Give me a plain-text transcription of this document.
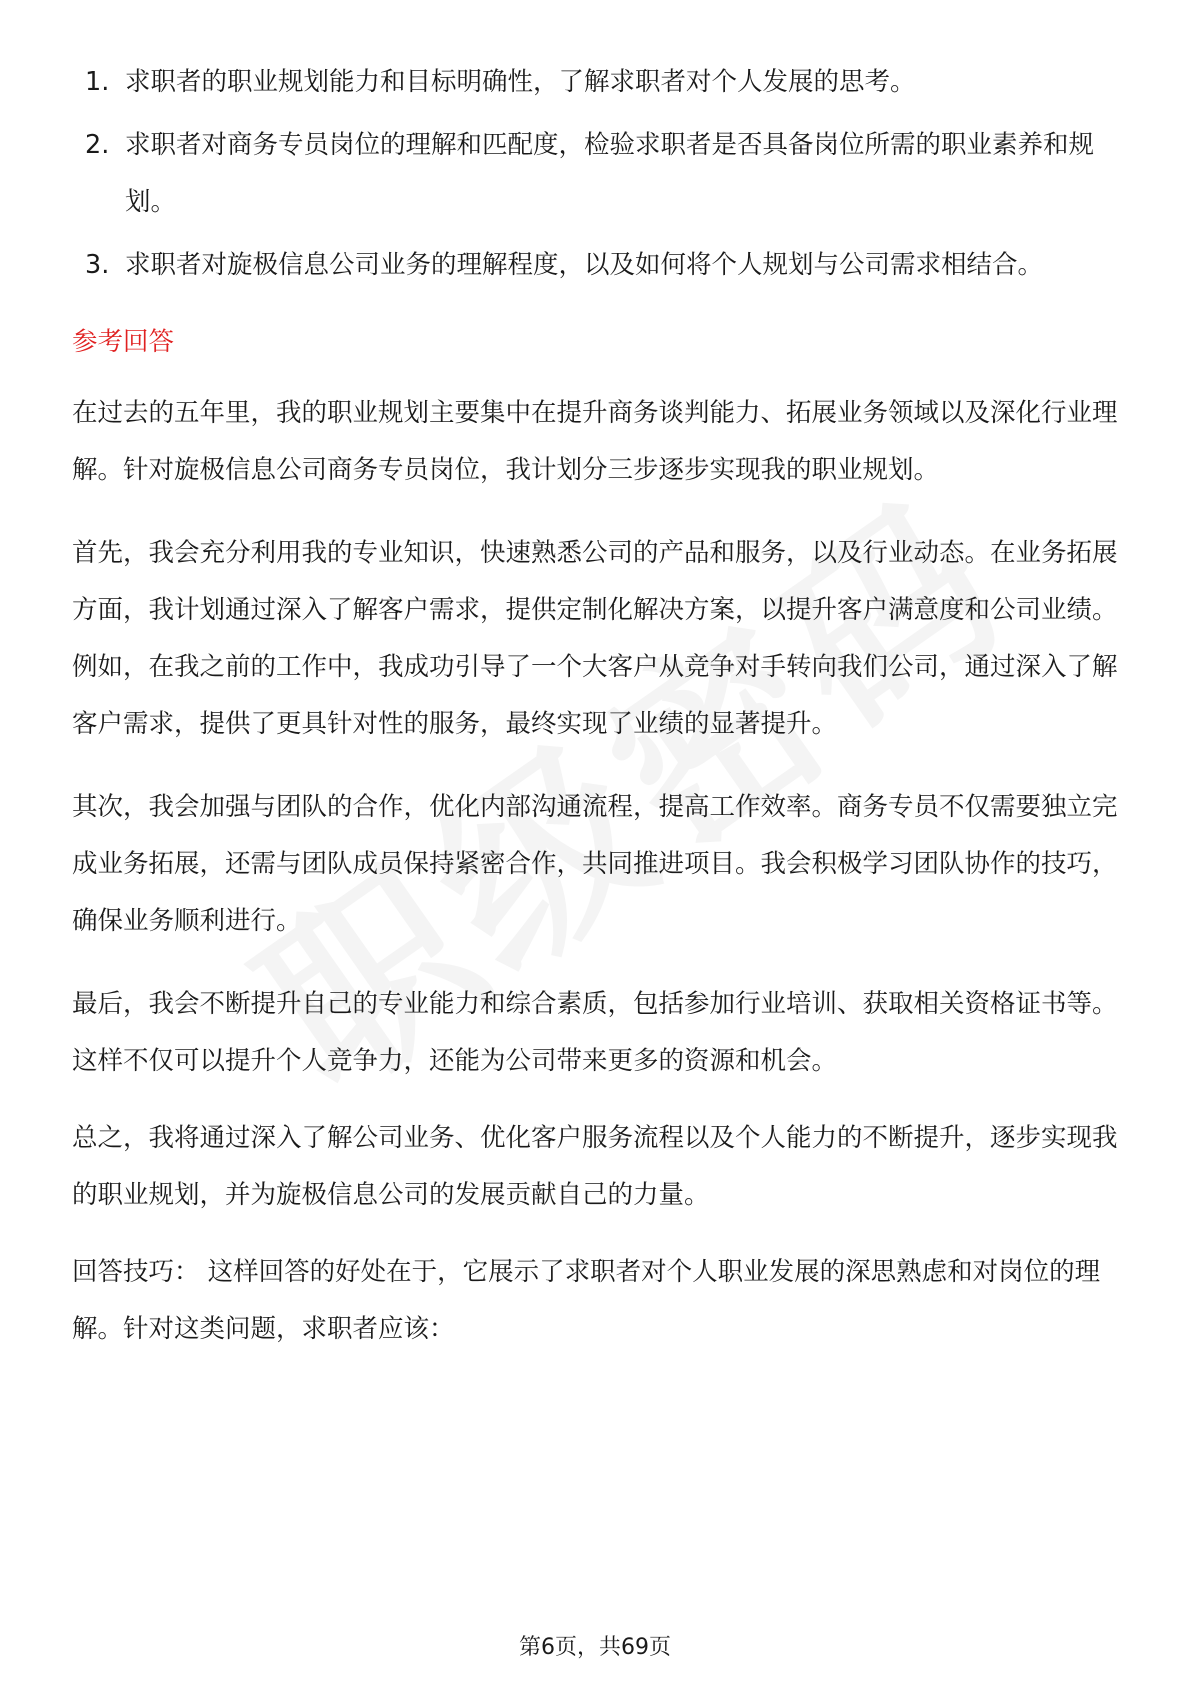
1. 求职者的职业规划能力和目标明确性，了解求职者对个人发展的思考。
2. 求职者对商务专员岗位的理解和匹配度，检验求职者是否具备岗位所需的职业素养和规划。
3. 求职者对旋极信息公司业务的理解程度，以及如何将个人规划与公司需求相结合。
参考回答

在过去的五年里，我的职业规划主要集中在提升商务谈判能力、拓展业务领域以及深化行业理解。针对旋极信息公司商务专员岗位，我计划分三步逐步实现我的职业规划。

首先，我会充分利用我的专业知识，快速熟悉公司的产品和服务，以及行业动态。在业务拓展方面，我计划通过深入了解客户需求，提供定制化解决方案，以提升客户满意度和公司业绩。例如，在我之前的工作中，我成功引导了一个大客户从竞争对手转向我们公司，通过深入了解客户需求，提供了更具针对性的服务，最终实现了业绩的显著提升。

其次，我会加强与团队的合作，优化内部沟通流程，提高工作效率。商务专员不仅需要独立完成业务拓展，还需与团队成员保持紧密合作，共同推进项目。我会积极学习团队协作的技巧，确保业务顺利进行。

最后，我会不断提升自己的专业能力和综合素质，包括参加行业培训、获取相关资格证书等。这样不仅可以提升个人竞争力，还能为公司带来更多的资源和机会。

总之，我将通过深入了解公司业务、优化客户服务流程以及个人能力的不断提升，逐步实现我的职业规划，并为旋极信息公司的发展贡献自己的力量。

回答技巧： 这样回答的好处在于，它展示了求职者对个人职业发展的深思熟虑和对岗位的理解。针对这类问题，求职者应该：

第6页，共69页
